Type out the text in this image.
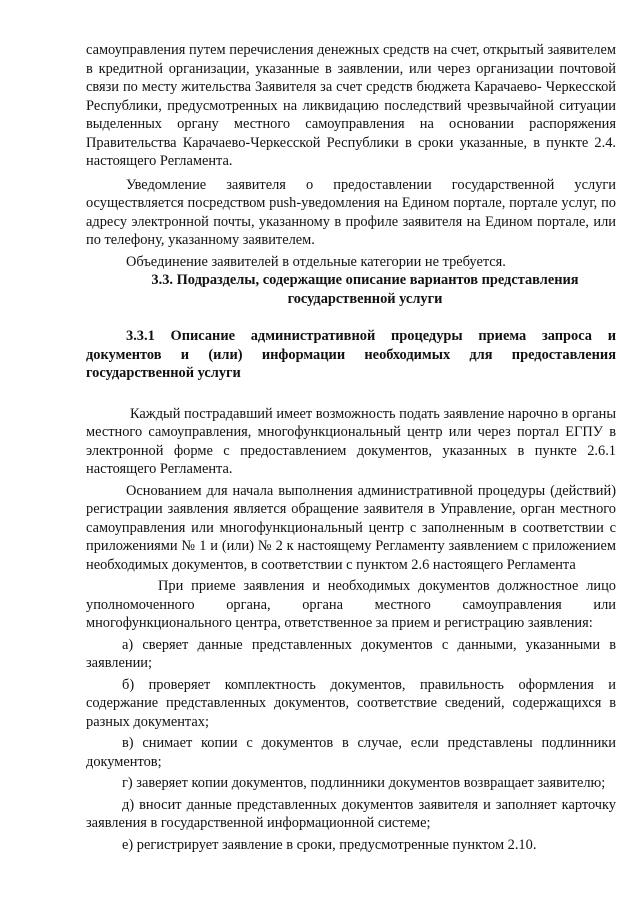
самоуправления путем перечисления денежных средств на счет, открытый заявителем в кредитной организации, указанные в заявлении, или через организации почтовой связи по месту жительства Заявителя за счет средств бюджета Карачаево- Черкесской Республики, предусмотренных на ликвидацию последствий чрезвычайной ситуации выделенных органу местного самоуправления на основании распоряжения Правительства Карачаево-Черкесской Республики в сроки указанные, в пункте 2.4. настоящего Регламента.

Уведомление заявителя о предоставлении государственной услуги осуществляется посредством push-уведомления на Едином портале, портале услуг, по адресу электронной почты, указанному в профиле заявителя на Едином портале, или по телефону, указанному заявителем.

Объединение заявителей в отдельные категории не требуется.

3.3. Подразделы, содержащие описание вариантов представления государственной услуги

3.3.1 Описание административной процедуры приема запроса и документов и (или) информации необходимых для предоставления государственной услуги

Каждый пострадавший имеет возможность подать заявление нарочно в органы местного самоуправления, многофункциональный центр или через портал ЕГПУ в электронной форме с предоставлением документов, указанных в пункте 2.6.1 настоящего Регламента.

Основанием для начала выполнения административной процедуры (действий) регистрации заявления является обращение заявителя в Управление, орган местного самоуправления или многофункциональный центр с заполненным в соответствии с приложениями № 1 и (или) № 2 к настоящему Регламенту заявлением с приложением необходимых документов, в соответствии с пунктом 2.6 настоящего Регламента

При приеме заявления и необходимых документов должностное лицо уполномоченного органа, органа местного самоуправления или многофункционального центра, ответственное за прием и регистрацию заявления:

а) сверяет данные представленных документов с данными, указанными в заявлении;

б) проверяет комплектность документов, правильность оформления и содержание представленных документов, соответствие сведений, содержащихся в разных документах;

в) снимает копии с документов в случае, если представлены подлинники документов;

г) заверяет копии документов, подлинники документов возвращает заявителю;

д) вносит данные представленных документов заявителя и заполняет карточку заявления в государственной информационной системе;

е) регистрирует заявление в сроки, предусмотренные пунктом 2.10.
